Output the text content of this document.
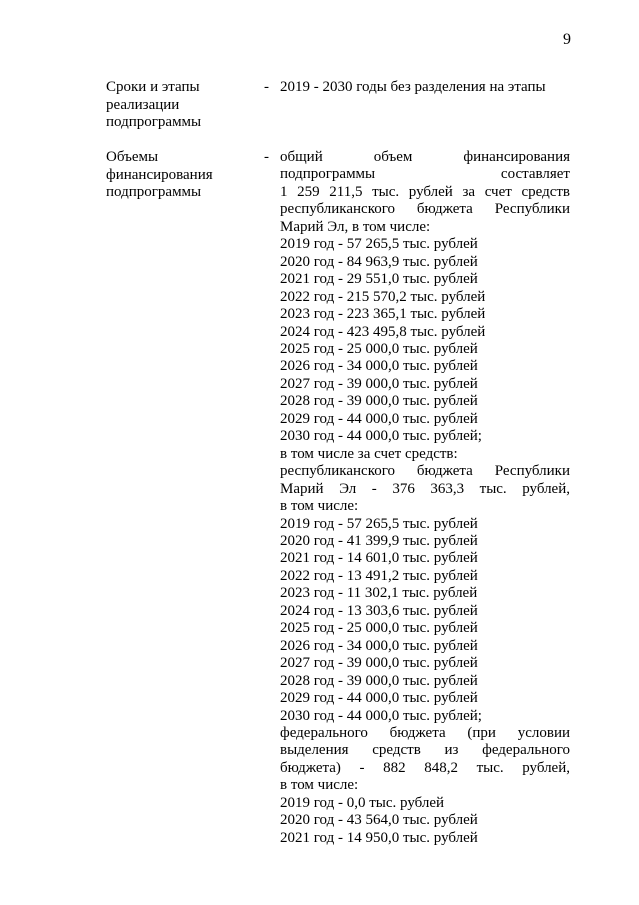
9
Сроки и этапы
реализации
подпрограммы
- 2019 - 2030 годы без разделения на этапы
Объемы
финансирования
подпрограммы
- общий объем финансирования
подпрограммы составляет
1 259 211,5 тыс. рублей за счет средств
республиканского бюджета Республики
Марий Эл, в том числе:
2019 год - 57 265,5 тыс. рублей
2020 год - 84 963,9 тыс. рублей
2021 год - 29 551,0 тыс. рублей
2022 год - 215 570,2 тыс. рублей
2023 год - 223 365,1 тыс. рублей
2024 год - 423 495,8 тыс. рублей
2025 год - 25 000,0 тыс. рублей
2026 год - 34 000,0 тыс. рублей
2027 год - 39 000,0 тыс. рублей
2028 год - 39 000,0 тыс. рублей
2029 год - 44 000,0 тыс. рублей
2030 год - 44 000,0 тыс. рублей;
в том числе за счет средств:
республиканского бюджета Республики
Марий Эл - 376 363,3 тыс. рублей,
в том числе:
2019 год - 57 265,5 тыс. рублей
2020 год - 41 399,9 тыс. рублей
2021 год - 14 601,0 тыс. рублей
2022 год - 13 491,2 тыс. рублей
2023 год - 11 302,1 тыс. рублей
2024 год - 13 303,6 тыс. рублей
2025 год - 25 000,0 тыс. рублей
2026 год - 34 000,0 тыс. рублей
2027 год - 39 000,0 тыс. рублей
2028 год - 39 000,0 тыс. рублей
2029 год - 44 000,0 тыс. рублей
2030 год - 44 000,0 тыс. рублей;
федерального бюджета (при условии
выделения средств из федерального
бюджета) - 882 848,2 тыс. рублей,
в том числе:
2019 год - 0,0 тыс. рублей
2020 год - 43 564,0 тыс. рублей
2021 год - 14 950,0 тыс. рублей
